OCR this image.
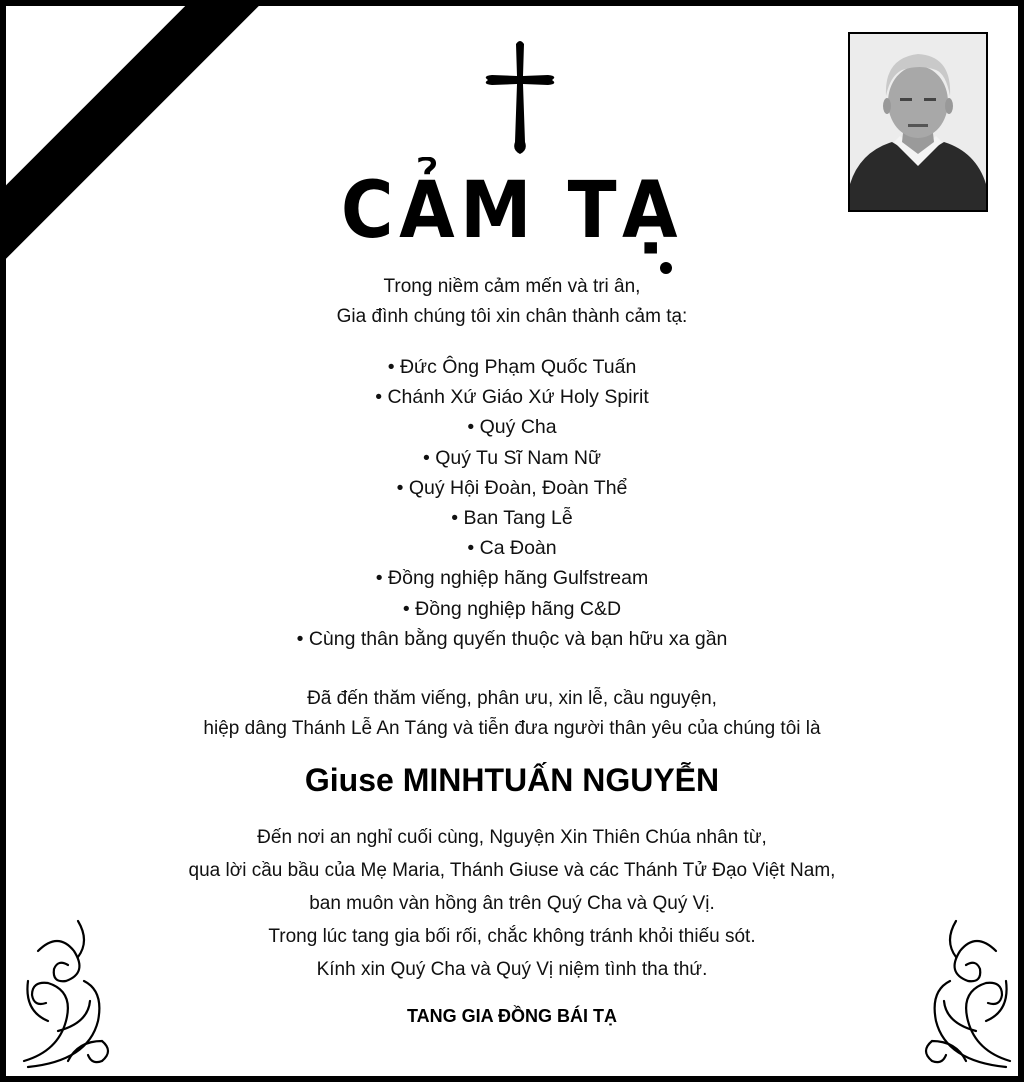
CẢM TẠ
Trong niềm cảm mến và tri ân,
Gia đình chúng tôi xin chân thành cảm tạ:
• Đức Ông Phạm Quốc Tuấn
• Chánh Xứ Giáo Xứ Holy Spirit
• Quý Cha
• Quý Tu Sĩ Nam Nữ
• Quý Hội Đoàn, Đoàn Thể
• Ban Tang Lễ
• Ca Đoàn
• Đồng nghiệp hãng Gulfstream
• Đồng nghiệp hãng C&D
• Cùng thân bằng quyến thuộc và bạn hữu xa gần
Đã đến thăm viếng, phân ưu, xin lễ, cầu nguyện,
hiệp dâng Thánh Lễ An Táng và tiễn đưa người thân yêu của chúng tôi là
Giuse MINHTUẤN NGUYỄN
Đến nơi an nghỉ cuối cùng, Nguyện Xin Thiên Chúa nhân từ,
qua lời cầu bầu của Mẹ Maria, Thánh Giuse và các Thánh Tử Đạo Việt Nam,
ban muôn vàn hồng ân trên Quý Cha và Quý Vị.
Trong lúc tang gia bối rối, chắc không tránh khỏi thiếu sót.
Kính xin Quý Cha và Quý Vị niệm tình tha thứ.
TANG GIA ĐỒNG BÁI TẠ
